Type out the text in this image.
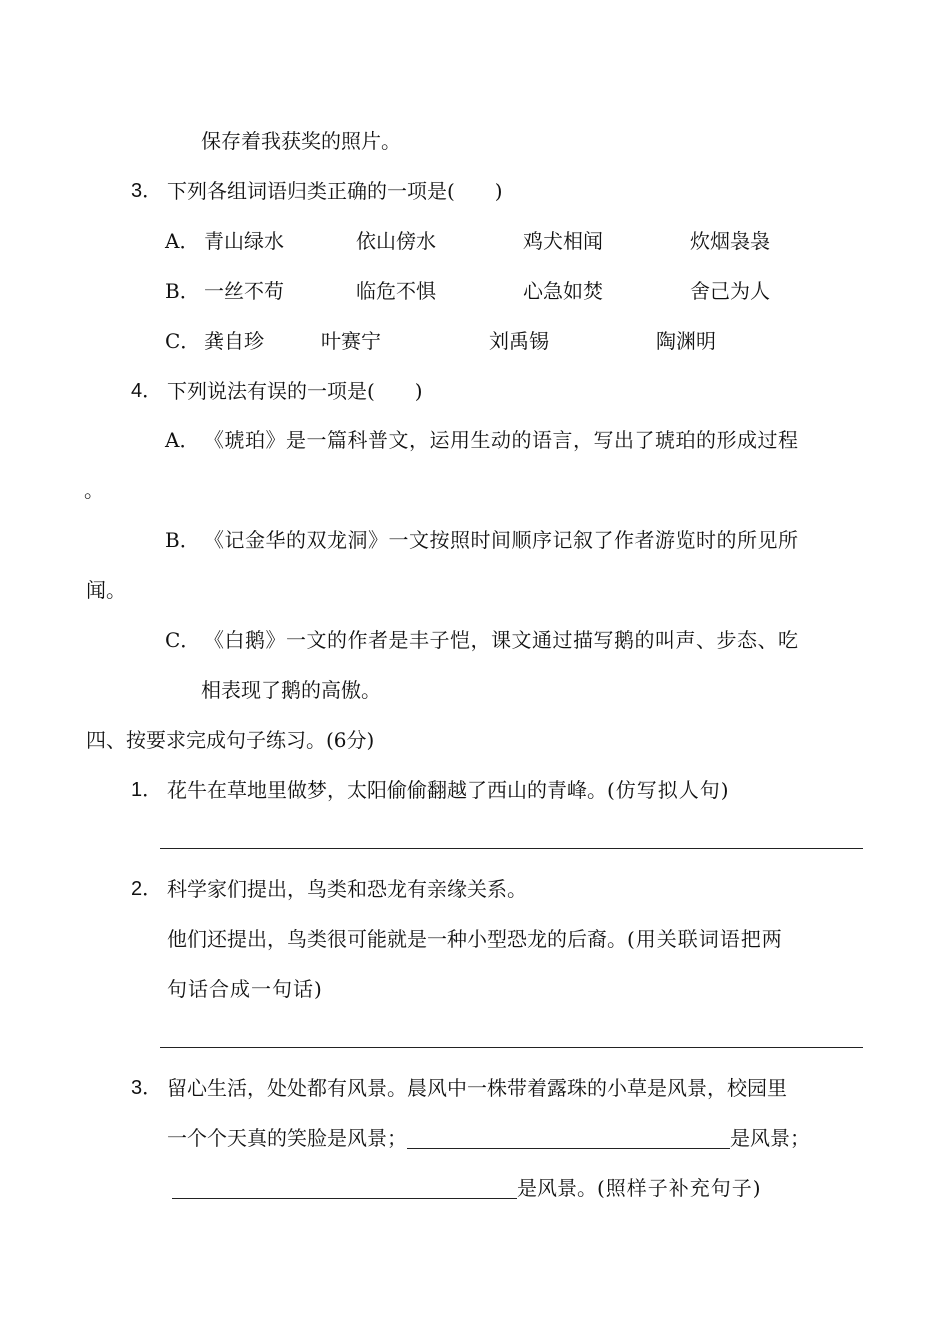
保存着我获奖的照片。
3． 下列各组词语归类正确的一项是(　　)
A． 青山绿水	依山傍水	鸡犬相闻	炊烟袅袅
B． 一丝不苟	临危不惧	心急如焚	舍己为人
C． 龚自珍	叶赛宁	刘禹锡	陶渊明
4． 下列说法有误的一项是(　　)
A． 《琥珀》是一篇科普文，运用生动的语言，写出了琥珀的形成过程
。
B． 《记金华的双龙洞》一文按照时间顺序记叙了作者游览时的所见所
闻。
C． 《白鹅》一文的作者是丰子恺，课文通过描写鹅的叫声、步态、吃
相表现了鹅的高傲。
四、按要求完成句子练习。(6分)
1． 花牛在草地里做梦，太阳偷偷翻越了西山的青峰。(仿写拟人句)
2． 科学家们提出，鸟类和恐龙有亲缘关系。
他们还提出，鸟类很可能就是一种小型恐龙的后裔。(用关联词语把两
句话合成一句话)
3． 留心生活，处处都有风景。晨风中一株带着露珠的小草是风景，校园里
一个个天真的笑脸是风景；	是风景；
是风景。(照样子补充句子)
